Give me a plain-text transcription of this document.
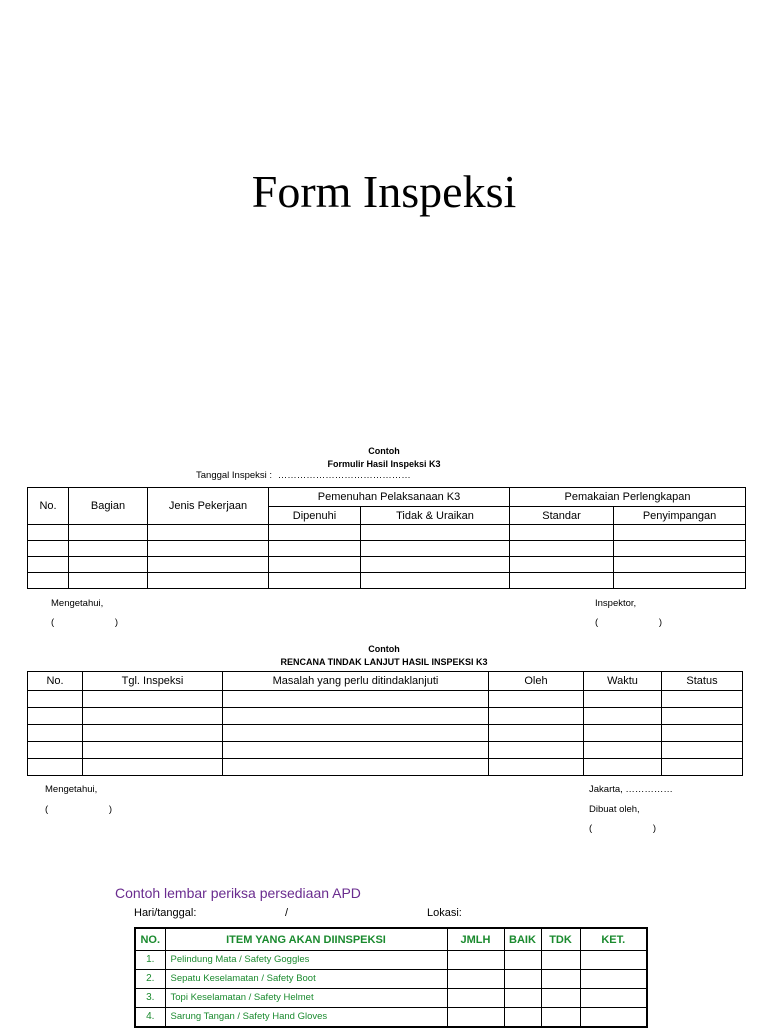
Form Inspeksi
Contoh
Formulir Hasil Inspeksi K3
Tanggal Inspeksi : ……………………………………
No.	Bagian	Jenis Pekerjaan	Pemenuhan Pelaksanaan K3		Pemakaian Perlengkapan	
			Dipenuhi	Tidak & Uraikan	Standar	Penyimpangan

Mengetahui,
(                       )
Inspektor,
(                       )
Contoh
RENCANA TINDAK LANJUT HASIL INSPEKSI K3
No.	Tgl. Inspeksi	Masalah yang perlu ditindaklanjuti	Oleh	Waktu	Status

Mengetahui,
(                       )
Jakarta, ……………
Dibuat oleh,
(                       )
Contoh lembar periksa persediaan APD
Hari/tanggal:	/	Lokasi:
NO.	ITEM YANG AKAN DIINSPEKSI	JMLH	BAIK	TDK	KET.
1.	Pelindung Mata / Safety Goggles				
2.	Sepatu Keselamatan / Safety Boot				
3.	Topi Keselamatan / Safety Helmet				
4.	Sarung Tangan / Safety Hand Gloves				
